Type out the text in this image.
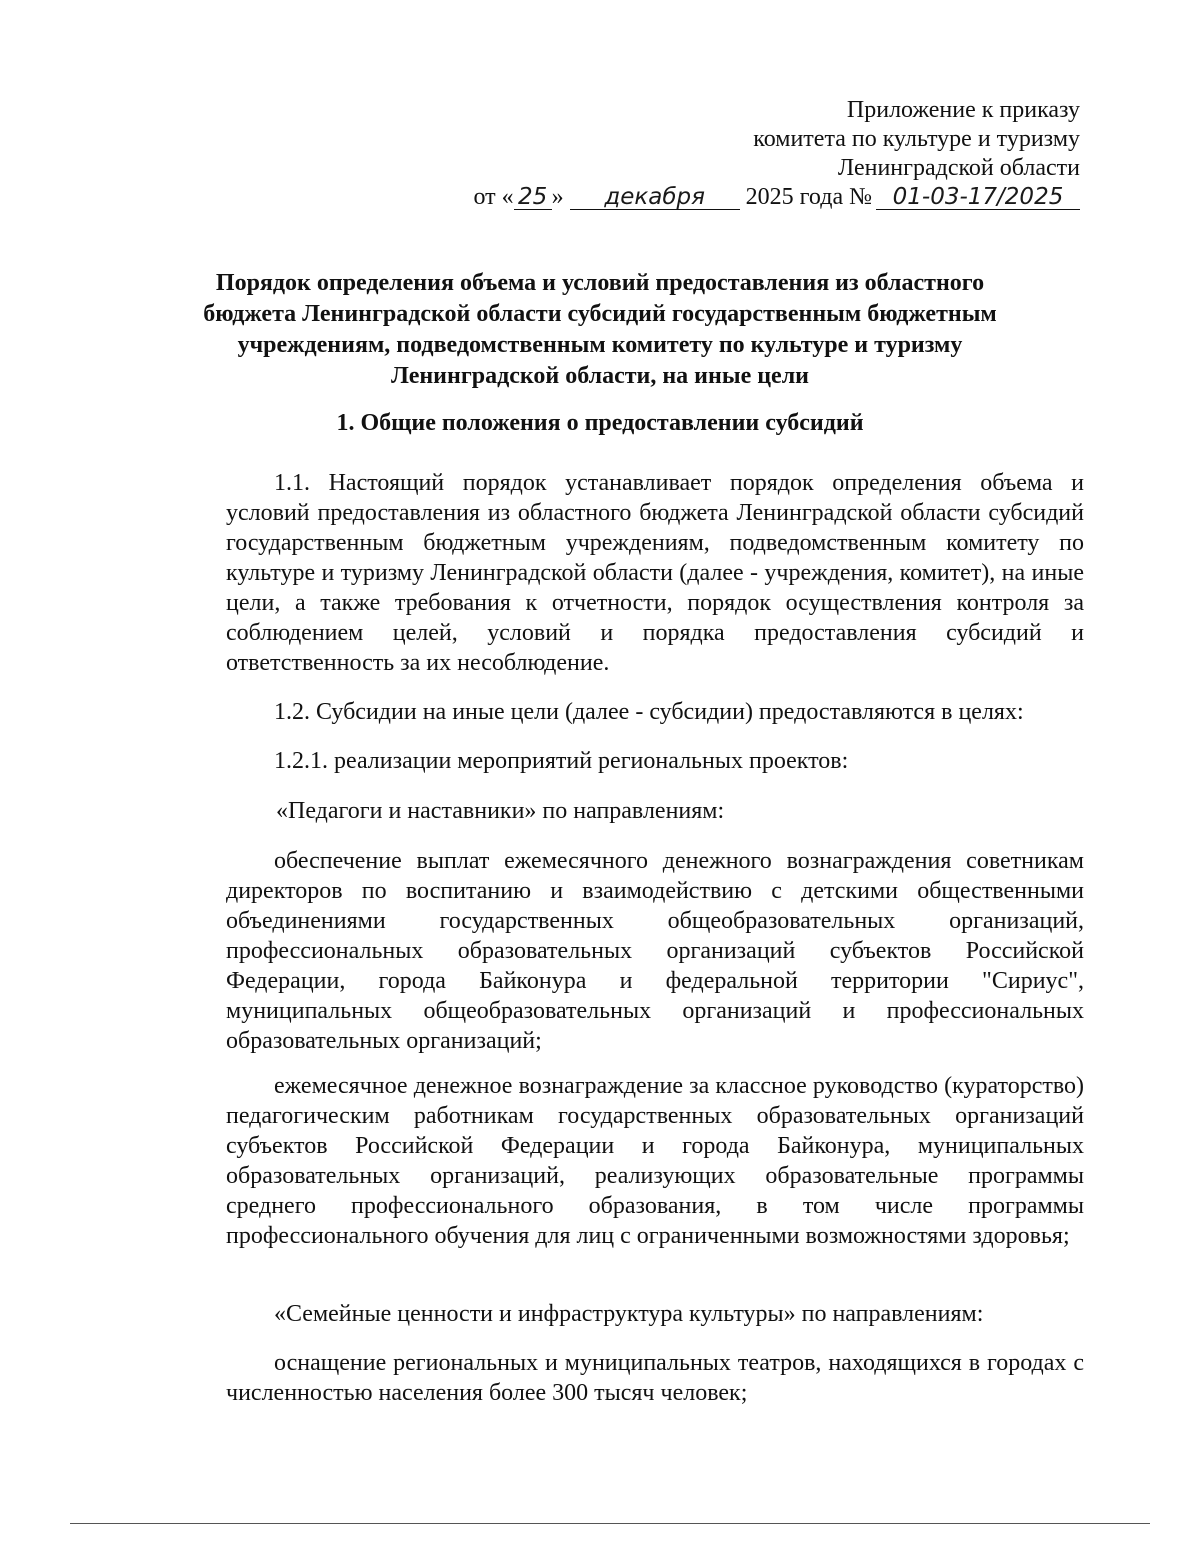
Приложение к приказу
комитета по культуре и туризму
Ленинградской области
от « 25 »	декабря	2025 года № 01-03-17/2025
Порядок определения объема и условий предоставления из областного бюджета Ленинградской области субсидий государственным бюджетным учреждениям, подведомственным комитету по культуре и туризму Ленинградской области, на иные цели
1. Общие положения о предоставлении субсидий
1.1. Настоящий порядок устанавливает порядок определения объема и условий предоставления из областного бюджета Ленинградской области субсидий государственным бюджетным учреждениям, подведомственным комитету по культуре и туризму Ленинградской области (далее - учреждения, комитет), на иные цели, а также требования к отчетности, порядок осуществления контроля за соблюдением целей, условий и порядка предоставления субсидий и ответственность за их несоблюдение.
1.2. Субсидии на иные цели (далее - субсидии) предоставляются в целях:
1.2.1. реализации мероприятий региональных проектов:
«Педагоги и наставники» по направлениям:
обеспечение выплат ежемесячного денежного вознаграждения советникам директоров по воспитанию и взаимодействию с детскими общественными объединениями государственных общеобразовательных организаций, профессиональных образовательных организаций субъектов Российской Федерации, города Байконура и федеральной территории "Сириус", муниципальных общеобразовательных организаций и профессиональных образовательных организаций;
ежемесячное денежное вознаграждение за классное руководство (кураторство) педагогическим работникам государственных образовательных организаций субъектов Российской Федерации и города Байконура, муниципальных образовательных организаций, реализующих образовательные программы среднего профессионального образования, в том числе программы профессионального обучения для лиц с ограниченными возможностями здоровья;
«Семейные ценности и инфраструктура культуры» по направлениям:
оснащение региональных и муниципальных театров, находящихся в городах с численностью населения более 300 тысяч человек;
